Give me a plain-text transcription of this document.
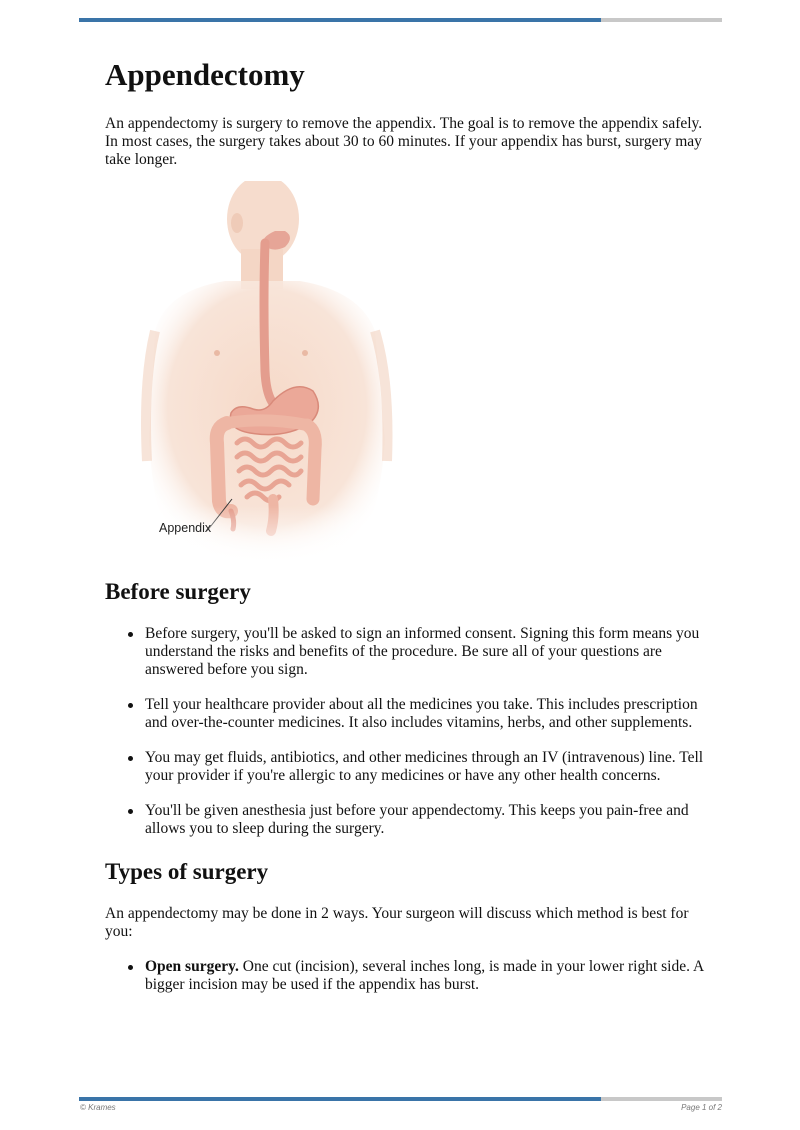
Appendectomy

An appendectomy is surgery to remove the appendix. The goal is to remove the appendix safely. In most cases, the surgery takes about 30 to 60 minutes. If your appendix has burst, surgery may take longer.

Appendix
Before surgery
Before surgery, you'll be asked to sign an informed consent. Signing this form means you understand the risks and benefits of the procedure. Be sure all of your questions are answered before you sign.
Tell your healthcare provider about all the medicines you take. This includes prescription and over-the-counter medicines. It also includes vitamins, herbs, and other supplements.
You may get fluids, antibiotics, and other medicines through an IV (intravenous) line. Tell your provider if you're allergic to any medicines or have any other health concerns.
You'll be given anesthesia just before your appendectomy. This keeps you pain-free and allows you to sleep during the surgery.
Types of surgery

An appendectomy may be done in 2 ways. Your surgeon will discuss which method is best for you:

Open surgery. One cut (incision), several inches long, is made in your lower right side. A bigger incision may be used if the appendix has burst.
© Krames	Page 1 of 2
